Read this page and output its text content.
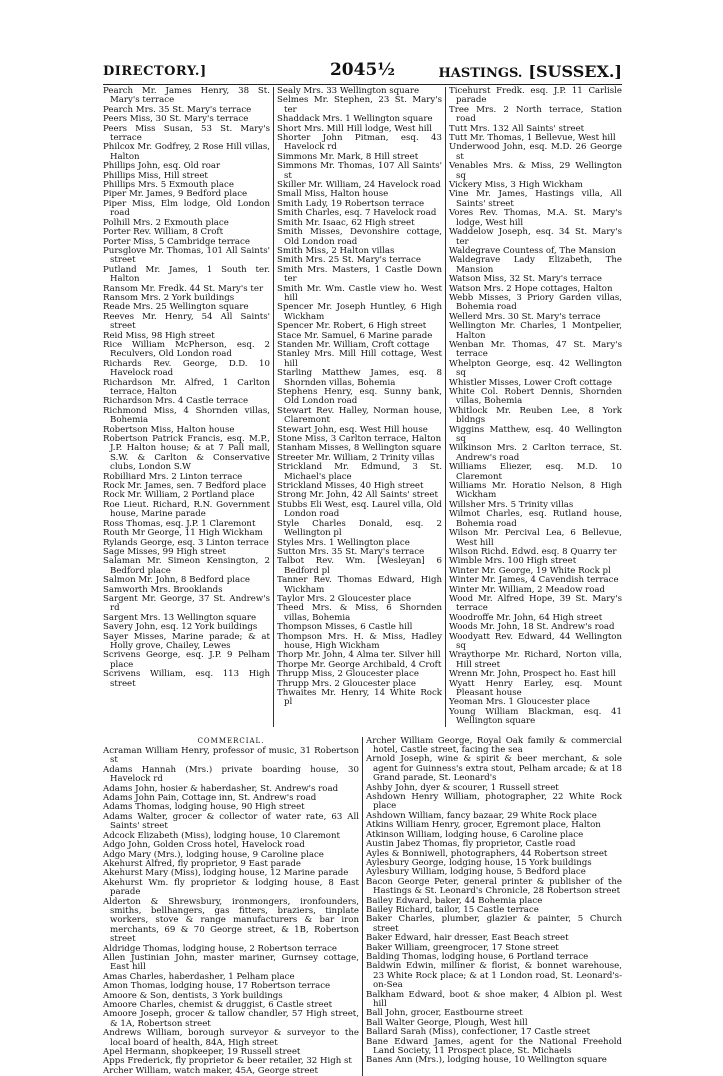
DIRECTORY.]	2045½	HASTINGS. [SUSSEX.]

Pearch Mr. James Henry, 38 St. Mary's terrace

Pearch Mrs. 35 St. Mary's terrace

Peers Miss, 30 St. Mary's terrace

Peers Miss Susan, 53 St. Mary's terrace

Philcox Mr. Godfrey, 2 Rose Hill villas, Halton

Phillips John, esq. Old roar

Phillips Miss, Hill street

Phillips Mrs. 5 Exmouth place

Piper Mr. James, 9 Bedford place

Piper Miss, Elm lodge, Old London road

Polhill Mrs. 2 Exmouth place

Porter Rev. William, 8 Croft

Porter Miss, 5 Cambridge terrace

Pursglove Mr. Thomas, 101 All Saints' street

Putland Mr. James, 1 South ter. Halton

Ransom Mr. Fredk. 44 St. Mary's ter

Ransom Mrs. 2 York buildings

Reade Mrs. 25 Wellington square

Reeves Mr. Henry, 54 All Saints' street

Reid Miss, 98 High street

Rice William McPherson, esq. 2 Reculvers, Old London road

Richards Rev. George, D.D. 10 Havelock road

Richardson Mr. Alfred, 1 Carlton terrace, Halton

Richardson Mrs. 4 Castle terrace

Richmond Miss, 4 Shornden villas, Bohemia

Robertson Miss, Halton house

Robertson Patrick Francis, esq. M.P., J.P. Halton house; & at 7 Pall mall, S.W. & Carlton & Conservative clubs, London S.W

Robilliard Mrs. 2 Linton terrace

Rock Mr. James, sen. 7 Bedford place

Rock Mr. William, 2 Portland place

Roe Lieut. Richard, R.N. Government house, Marine parade

Ross Thomas, esq. J.P. 1 Claremont

Routh Mr George, 11 High Wickham

Rylands George, esq. 3 Linton terrace

Sage Misses, 99 High street

Salaman Mr. Simeon Kensington, 2 Bedford place

Salmon Mr. John, 8 Bedford place

Samworth Mrs. Brooklands

Sargent Mr. George, 37 St. Andrew's rd

Sargent Mrs. 13 Wellington square

Savery John, esq. 12 York buildings

Sayer Misses, Marine parade; & at Holly grove, Chailey, Lewes

Scrivens George, esq. J.P. 9 Pelham place

Scrivens William, esq. 113 High street

Sealy Mrs. 33 Wellington square

Selmes Mr. Stephen, 23 St. Mary's ter

Shaddack Mrs. 1 Wellington square

Short Mrs. Mill Hill lodge, West hill

Shorter John Pitman, esq. 43 Havelock rd

Simmons Mr. Mark, 8 Hill street

Simmons Mr. Thomas, 107 All Saints' st

Skiller Mr. William, 24 Havelock road

Small Miss, Halton house

Smith Lady, 19 Robertson terrace

Smith Charles, esq. 7 Havelock road

Smith Mr. Isaac, 62 High street

Smith Misses, Devonshire cottage, Old London road

Smith Miss, 2 Halton villas

Smith Mrs. 25 St. Mary's terrace

Smith Mrs. Masters, 1 Castle Down ter

Smith Mr. Wm. Castle view ho. West hill

Spencer Mr. Joseph Huntley, 6 High Wickham

Spencer Mr. Robert, 6 High street

Stace Mr. Samuel, 6 Marine parade

Standen Mr. William, Croft cottage

Stanley Mrs. Mill Hill cottage, West hill

Starling Matthew James, esq. 8 Shornden villas, Bohemia

Stephens Henry, esq. Sunny bank, Old London road

Stewart Rev. Halley, Norman house, Claremont

Stewart John, esq. West Hill house

Stone Miss, 3 Carlton terrace, Halton

Stanham Misses, 8 Wellington square

Streeter Mr. William, 2 Trinity villas

Strickland Mr. Edmund, 3 St. Michael's place

Strickland Misses, 40 High street

Strong Mr. John, 42 All Saints' street

Stubbs Eli West, esq. Laurel villa, Old London road

Style Charles Donald, esq. 2 Wellington pl

Styles Mrs. 1 Wellington place

Sutton Mrs. 35 St. Mary's terrace

Talbot Rev. Wm. [Wesleyan] 6 Bedford pl

Tanner Rev. Thomas Edward, High Wickham

Taylor Mrs. 2 Gloucester place

Theed Mrs. & Miss, 6 Shornden villas, Bohemia

Thompson Misses, 6 Castle hill

Thompson Mrs. H. & Miss, Hadley house, High Wickham

Thorp Mr. John, 4 Alma ter. Silver hill

Thorpe Mr. George Archibald, 4 Croft

Thrupp Miss, 2 Gloucester place

Thrupp Mrs. 2 Gloucester place

Thwaites Mr. Henry, 14 White Rock pl

Ticehurst Fredk. esq. J.P. 11 Carlisle parade

Tree Mrs. 2 North terrace, Station road

Tutt Mrs. 132 All Saints' street

Tutt Mr. Thomas, 1 Bellevue, West hill

Underwood John, esq. M.D. 26 George st

Venables Mrs. & Miss, 29 Wellington sq

Vickery Miss, 3 High Wickham

Vine Mr. James, Hastings villa, All Saints' street

Vores Rev. Thomas, M.A. St. Mary's lodge, West hill

Waddelow Joseph, esq. 34 St. Mary's ter

Waldegrave Countess of, The Mansion

Waldegrave Lady Elizabeth, The Mansion

Watson Miss, 32 St. Mary's terrace

Watson Mrs. 2 Hope cottages, Halton

Webb Misses, 3 Priory Garden villas, Bohemia road

Wellerd Mrs. 30 St. Mary's terrace

Wellington Mr. Charles, 1 Montpelier, Halton

Wenban Mr. Thomas, 47 St. Mary's terrace

Whelpton George, esq. 42 Wellington sq

Whistler Misses, Lower Croft cottage

White Col. Robert Dennis, Shornden villas, Bohemia

Whitlock Mr. Reuben Lee, 8 York bldngs

Wiggins Matthew, esq. 40 Wellington sq

Wilkinson Mrs. 2 Carlton terrace, St. Andrew's road

Williams Eliezer, esq. M.D. 10 Claremont

Williams Mr. Horatio Nelson, 8 High Wickham

Willsher Mrs. 5 Trinity villas

Wilmot Charles, esq. Rutland house, Bohemia road

Wilson Mr. Percival Lea, 6 Bellevue, West hill

Wilson Richd. Edwd. esq. 8 Quarry ter

Wimble Mrs. 100 High street

Winter Mr. George, 19 White Rock pl

Winter Mr. James, 4 Cavendish terrace

Winter Mr. William, 2 Meadow road

Wood Mr. Alfred Hope, 39 St. Mary's terrace

Woodroffe Mr. John, 64 High street

Woods Mr. John, 18 St. Andrew's road

Woodyatt Rev. Edward, 44 Wellington sq

Wraythorpe Mr. Richard, Norton villa, Hill street

Wrenn Mr. John, Prospect ho. East hill

Wyatt Henry Earley, esq. Mount Pleasant house

Yeoman Mrs. 1 Gloucester place

Young William Blackman, esq. 41 Wellington square

COMMERCIAL.

Acraman William Henry, professor of music, 31 Robertson st

Adams Hannah (Mrs.) private boarding house, 30 Havelock rd

Adams John, hosier & haberdasher, St. Andrew's road

Adams John Pain, Cottage inn, St. Andrew's road

Adams Thomas, lodging house, 90 High street

Adams Walter, grocer & collector of water rate, 63 All Saints' street

Adcock Elizabeth (Miss), lodging house, 10 Claremont

Adgo John, Golden Cross hotel, Havelock road

Adgo Mary (Mrs.), lodging house, 9 Caroline place

Akehurst Alfred, fly proprietor, 9 East parade

Akehurst Mary (Miss), lodging house, 12 Marine parade

Akehurst Wm. fly proprietor & lodging house, 8 East parade

Alderton & Shrewsbury, ironmongers, ironfounders, smiths, bellhangers, gas fitters, braziers, tinplate workers, stove & range manufacturers & bar iron merchants, 69 & 70 George street, & 1B, Robertson street

Aldridge Thomas, lodging house, 2 Robertson terrace

Allen Justinian John, master mariner, Gurnsey cottage, East hill

Amas Charles, haberdasher, 1 Pelham place

Amon Thomas, lodging house, 17 Robertson terrace

Amoore & Son, dentists, 3 York buildings

Amoore Charles, chemist & druggist, 6 Castle street

Amoore Joseph, grocer & tallow chandler, 57 High street, & 1A, Robertson street

Andrews William, borough surveyor & surveyor to the local board of health, 84A, High street

Apel Hermann, shopkeeper, 19 Russell street

Apps Frederick, fly proprietor & beer retailer, 32 High st

Archer William, watch maker, 45A, George street

Archer William George, Royal Oak family & commercial hotel, Castle street, facing the sea

Arnold Joseph, wine & spirit & beer merchant, & sole agent for Guinness's extra stout, Pelham arcade; & at 18 Grand parade, St. Leonard's

Ashby John, dyer & scourer, 1 Russell street

Ashdown Henry William, photographer, 22 White Rock place

Ashdown William, fancy bazaar, 29 White Rock place

Atkins William Henry, grocer, Egremont place, Halton

Atkinson William, lodging house, 6 Caroline place

Austin Jabez Thomas, fly proprietor, Castle road

Ayles & Bonniwell, photographers, 44 Robertson street

Aylesbury George, lodging house, 15 York buildings

Aylesbury William, lodging house, 5 Bedford place

Bacon George Peter, general printer & publisher of the Hastings & St. Leonard's Chronicle, 28 Robertson street

Bailey Edward, baker, 44 Bohemia place

Bailey Richard, tailor, 15 Castle terrace

Baker Charles, plumber, glazier & painter, 5 Church street

Baker Edward, hair dresser, East Beach street

Baker William, greengrocer, 17 Stone street

Balding Thomas, lodging house, 6 Portland terrace

Baldwin Edwin, milliner & florist, & bonnet warehouse, 23 White Rock place; & at 1 London road, St. Leonard's-on-Sea

Balkham Edward, boot & shoe maker, 4 Albion pl. West hill

Ball John, grocer, Eastbourne street

Ball Walter George, Plough, West hill

Ballard Sarah (Miss), confectioner, 17 Castle street

Bane Edward James, agent for the National Freehold Land Society, 11 Prospect place, St. Michaels

Banes Ann (Mrs.), lodging house, 10 Wellington square
